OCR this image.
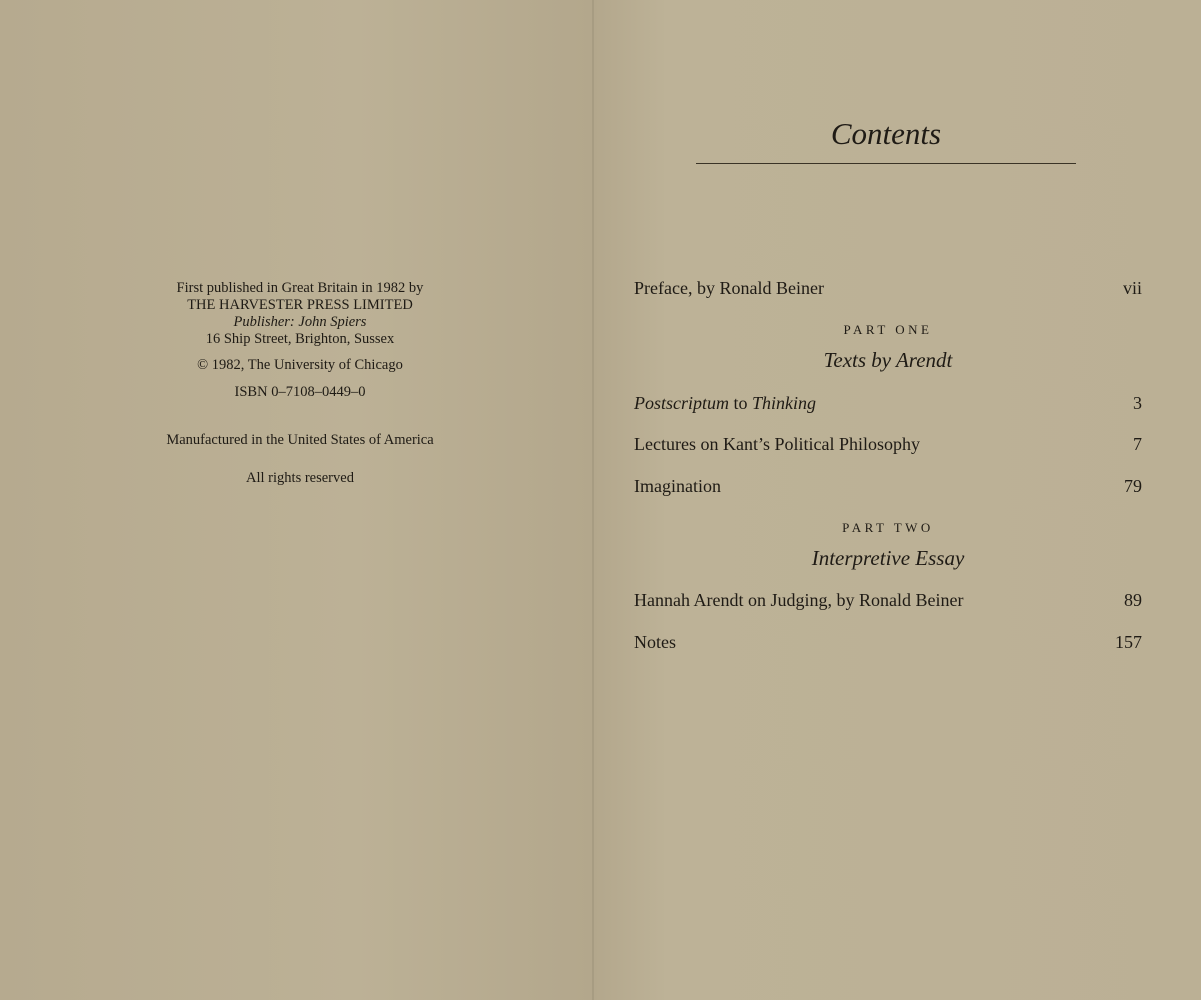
First published in Great Britain in 1982 by
THE HARVESTER PRESS LIMITED
Publisher: John Spiers
16 Ship Street, Brighton, Sussex
© 1982, The University of Chicago
ISBN 0–7108–0449–0
Manufactured in the United States of America
All rights reserved
Contents
Preface, by Ronald Beiner	vii
PART ONE
Texts by Arendt
Postscriptum to Thinking	3
Lectures on Kant’s Political Philosophy	7
Imagination	79
PART TWO
Interpretive Essay
Hannah Arendt on Judging, by Ronald Beiner	89
Notes	157
